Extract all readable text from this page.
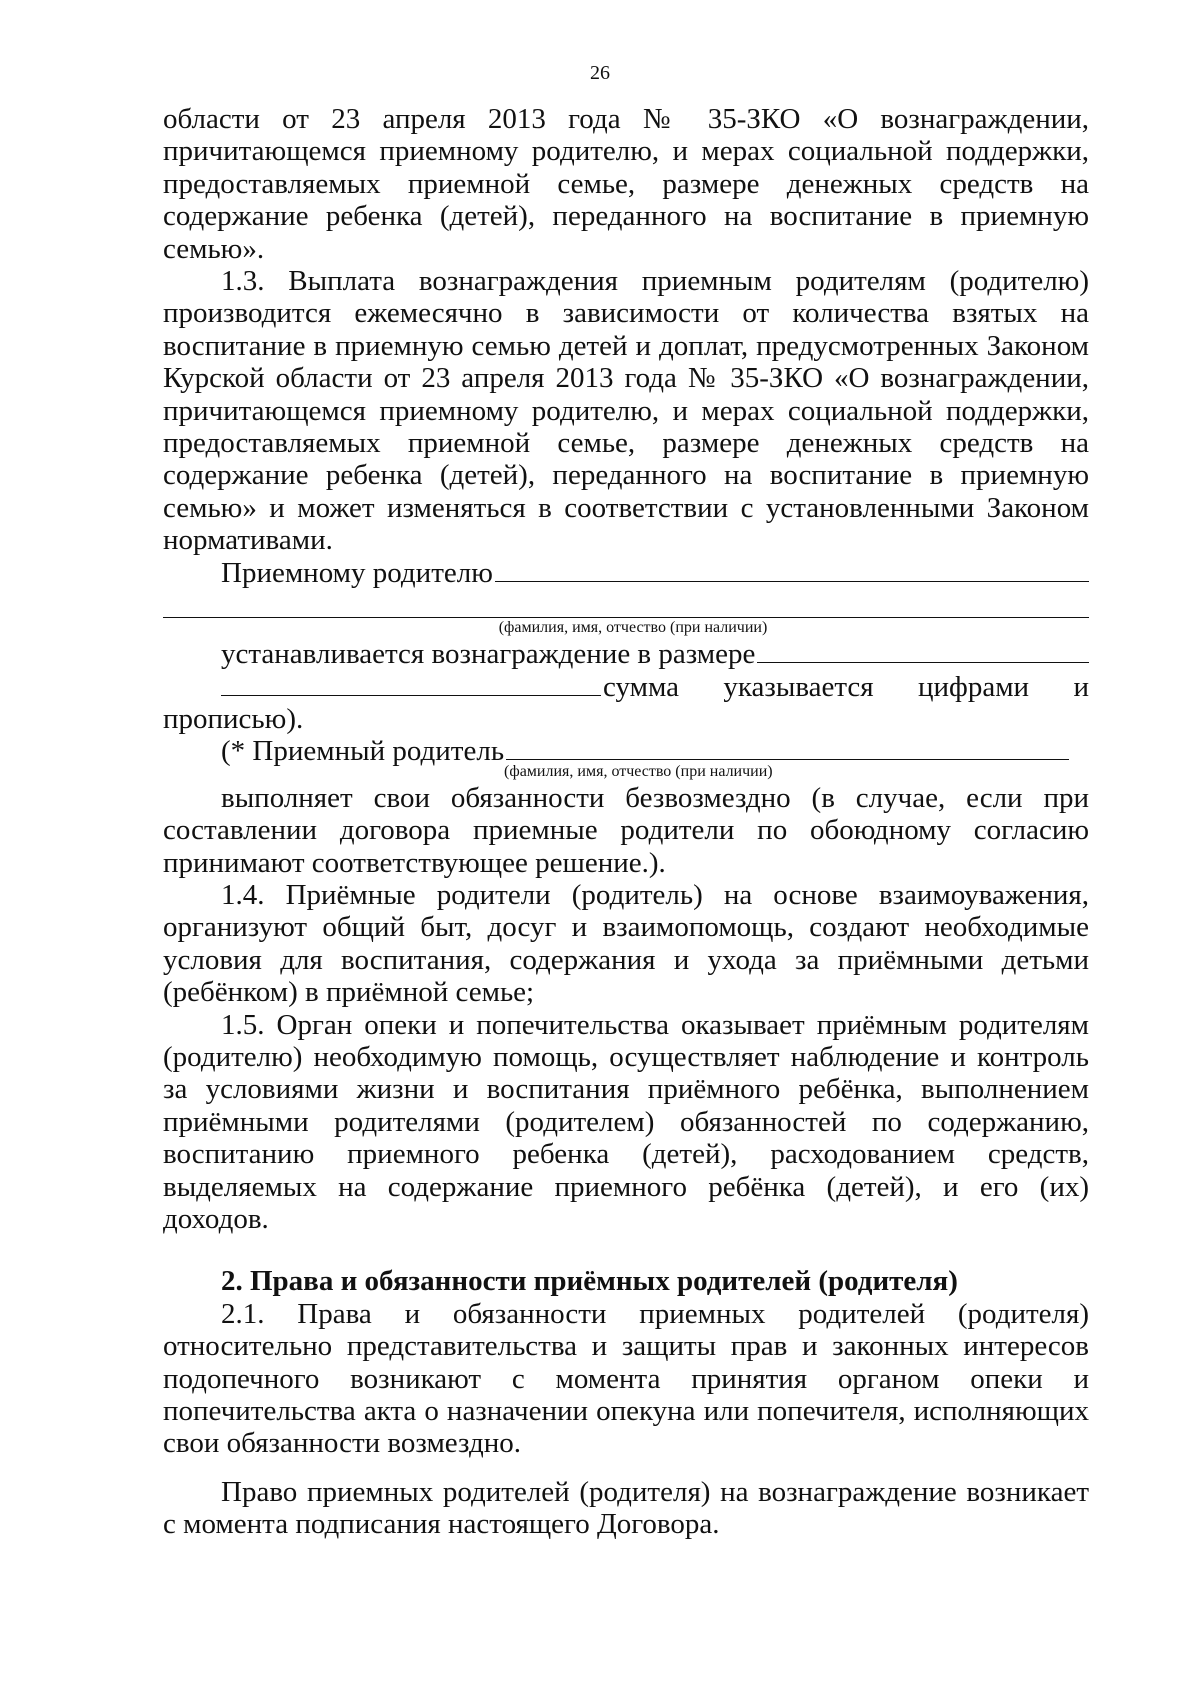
26

области от 23 апреля 2013 года № 35-ЗКО «О вознаграждении, причитающемся приемному родителю, и мерах социальной поддержки, предоставляемых приемной семье, размере денежных средств на содержание ребенка (детей), переданного на воспитание в приемную семью».

1.3. Выплата вознаграждения приемным родителям (родителю) производится ежемесячно в зависимости от количества взятых на воспитание в приемную семью детей и доплат, предусмотренных Законом Курской области от 23 апреля 2013 года № 35-ЗКО «О вознаграждении, причитающемся приемному родителю, и мерах социальной поддержки, предоставляемых приемной семье, размере денежных средств на содержание ребенка (детей), переданного на воспитание в приемную семью» и может изменяться в соответствии с установленными Законом нормативами.

Приемному родителю
(фамилия, имя, отчество (при наличии)
устанавливается вознаграждение в размере

сумма указывается цифрами и

прописью).

(* Приемный родитель
(фамилия, имя, отчество (при наличии)

выполняет свои обязанности безвозмездно (в случае, если при составлении договора приемные родители по обоюдному согласию принимают соответствующее решение.).

1.4. Приёмные родители (родитель) на основе взаимоуважения, организуют общий быт, досуг и взаимопомощь, создают необходимые условия для воспитания, содержания и ухода за приёмными детьми (ребёнком) в приёмной семье;

1.5. Орган опеки и попечительства оказывает приёмным родителям (родителю) необходимую помощь, осуществляет наблюдение и контроль за условиями жизни и воспитания приёмного ребёнка, выполнением приёмными родителями (родителем) обязанностей по содержанию, воспитанию приемного ребенка (детей), расходованием средств, выделяемых на содержание приемного ребёнка (детей), и его (их) доходов.

2. Права и обязанности приёмных родителей (родителя)

2.1. Права и обязанности приемных родителей (родителя) относительно представительства и защиты прав и законных интересов подопечного возникают с момента принятия органом опеки и попечительства акта о назначении опекуна или попечителя, исполняющих свои обязанности возмездно.

Право приемных родителей (родителя) на вознаграждение возникает с момента подписания настоящего Договора.
